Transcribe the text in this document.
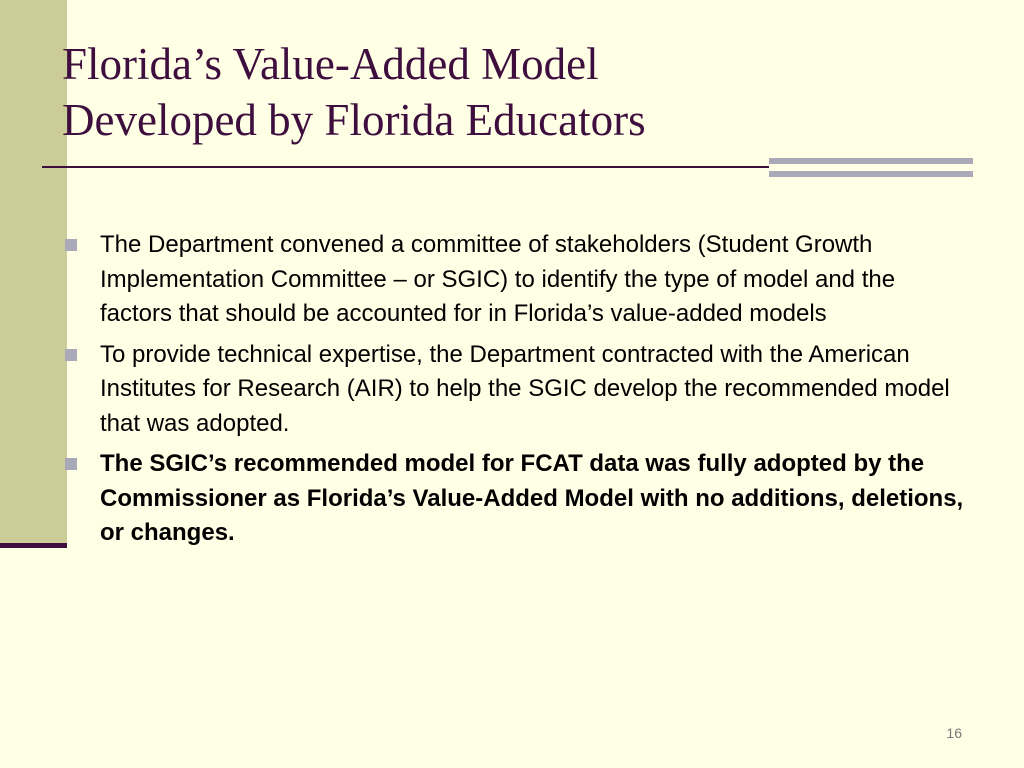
Florida’s Value-Added Model
Developed by Florida Educators
The Department convened a committee of stakeholders (Student Growth Implementation Committee – or SGIC) to identify the type of model and the factors that should be accounted for in Florida’s value-added models
To provide technical expertise, the Department contracted with the American Institutes for Research (AIR) to help the SGIC develop the recommended model that was adopted.
The SGIC’s recommended model for FCAT data was fully adopted by the Commissioner as Florida’s Value-Added Model with no additions, deletions, or changes.
16
